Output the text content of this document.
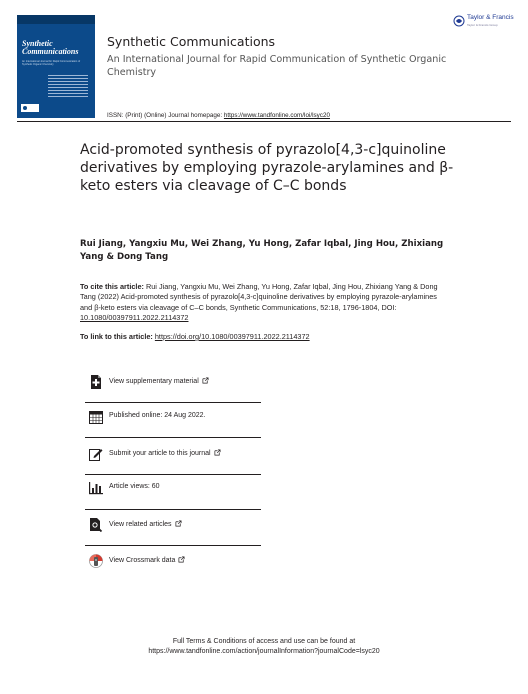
Synthetic
Communications
An International Journal for Rapid Communication of Synthetic Organic Chemistry
Synthetic Communications
An International Journal for Rapid Communication of Synthetic Organic Chemistry
Taylor & Francis
Taylor & Francis Group
ISSN: (Print) (Online) Journal homepage: https://www.tandfonline.com/loi/lsyc20
Acid-promoted synthesis of pyrazolo[4,3-c]quinoline derivatives by employing pyrazole-arylamines and β-keto esters via cleavage of C–C bonds
Rui Jiang, Yangxiu Mu, Wei Zhang, Yu Hong, Zafar Iqbal, Jing Hou, Zhixiang Yang & Dong Tang
To cite this article: Rui Jiang, Yangxiu Mu, Wei Zhang, Yu Hong, Zafar Iqbal, Jing Hou, Zhixiang Yang & Dong Tang (2022) Acid-promoted synthesis of pyrazolo[4,3-c]quinoline derivatives by employing pyrazole-arylamines and β-keto esters via cleavage of C–C bonds, Synthetic Communications, 52:18, 1796-1804, DOI: 10.1080/00397911.2022.2114372
To link to this article: https://doi.org/10.1080/00397911.2022.2114372
View supplementary material
Published online: 24 Aug 2022.
Submit your article to this journal
Article views: 60
View related articles
View Crossmark data
Full Terms & Conditions of access and use can be found at
https://www.tandfonline.com/action/journalInformation?journalCode=lsyc20
